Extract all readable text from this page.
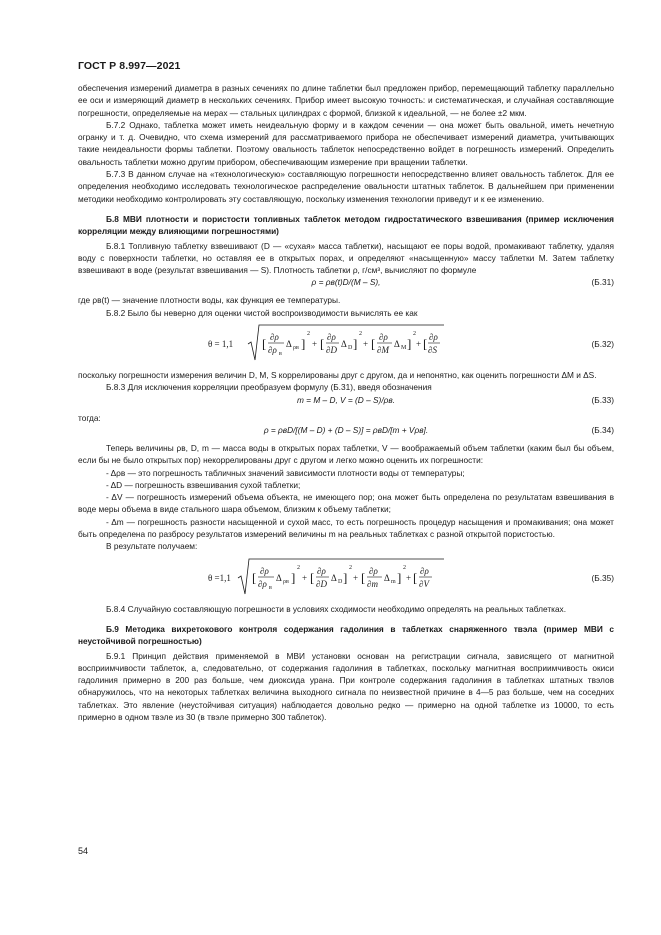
ГОСТ Р 8.997—2021

обеспечения измерений диаметра в разных сечениях по длине таблетки был предложен прибор, перемещающий таблетку параллельно ее оси и измеряющий диаметр в нескольких сечениях. Прибор имеет высокую точность: и систематическая, и случайная составляющие погрешности, определяемые на мерах — стальных цилиндрах с формой, близкой к идеальной, — не более ±2 мкм.

Б.7.2 Однако, таблетка может иметь неидеальную форму и в каждом сечении — она может быть овальной, иметь нечетную огранку и т. д. Очевидно, что схема измерений для рассматриваемого прибора не обеспечивает измерений диаметра, учитывающих такие неидеальности формы таблетки. Поэтому овальность таблеток непосредственно войдет в погрешность измерений. Определить овальность таблетки можно другим прибором, обеспечивающим измерение при вращении таблетки.

Б.7.3 В данном случае на «технологическую» составляющую погрешности непосредственно влияет овальность таблеток. Для ее определения необходимо исследовать технологическое распределение овальности штатных таблеток. В дальнейшем при применении методики необходимо контролировать эту составляющую, поскольку изменения технологии приведут и к ее изменению.

Б.8 МВИ плотности и пористости топливных таблеток методом гидростатического взвешивания (пример исключения корреляции между влияющими погрешностями)

Б.8.1 Топливную таблетку взвешивают (D — «сухая» масса таблетки), насыщают ее поры водой, промакивают таблетку, удаляя воду с поверхности таблетки, но оставляя ее в открытых порах, и определяют «насыщенную» массу таблетки M. Затем таблетку взвешивают в воде (результат взвешивания — S). Плотность таблетки ρ, г/см³, вычисляют по формуле

ρ = ρв(t)D/(M – S),	(Б.31)

где ρв(t) — значение плотности воды, как функция ее температуры.

Б.8.2 Было бы неверно для оценки чистой воспроизводимости вычислять ее как

θ = 1,1 [ ∂ρ
∂ρ в
Δ ρв ]
2
+ [ ∂ρ
∂D
Δ D ]
2
+ [ ∂ρ
∂M
Δ M ]
2
+ [ ∂ρ
∂S
(Б.32)

поскольку погрешности измерения величин D, M, S коррелированы друг с другом, да и непонятно, как оценить погрешности ΔM и ΔS.

Б.8.3 Для исключения корреляции преобразуем формулу (Б.31), введя обозначения

m = M – D, V = (D – S)/ρв.	(Б.33)

тогда:

ρ = ρвD/[(M – D) + (D – S)] = ρвD/[m + Vρв].	(Б.34)

Теперь величины ρв, D, m — масса воды в открытых порах таблетки, V — воображаемый объем таблетки (каким был бы объем, если бы не было открытых пор) некоррелированы друг с другом и легко можно оценить их погрешности:

- Δρв — это погрешность табличных значений зависимости плотности воды от температуры;

- ΔD — погрешность взвешивания сухой таблетки;

- ΔV — погрешность измерений объема объекта, не имеющего пор; она может быть определена по результатам взвешивания в воде меры объема в виде стального шара объемом, близким к объему таблетки;

- Δm — погрешность разности насыщенной и сухой масс, то есть погрешность процедур насыщения и промакивания; она может быть определена по разбросу результатов измерений величины m на реальных таблетках с разной открытой пористостью.

В результате получаем:

θ =1,1 [ ∂ρ
∂ρ в
Δ ρв ]
2
+ [ ∂ρ
∂D
Δ D ]
2
+ [ ∂ρ
∂m
Δ m ]
2
+ [ ∂ρ
∂V
(Б.35)

Б.8.4 Случайную составляющую погрешности в условиях сходимости необходимо определять на реальных таблетках.

Б.9 Методика вихретокового контроля содержания гадолиния в таблетках снаряженного твэла (пример МВИ с неустойчивой погрешностью)

Б.9.1 Принцип действия применяемой в МВИ установки основан на регистрации сигнала, зависящего от магнитной восприимчивости таблеток, а, следовательно, от содержания гадолиния в таблетках, поскольку магнитная восприимчивость окиси гадолиния примерно в 200 раз больше, чем диоксида урана. При контроле содержания гадолиния в таблетках штатных твэлов обнаружилось, что на некоторых таблетках величина выходного сигнала по неизвестной причине в 4—5 раз больше, чем на соседних таблетках. Это явление (неустойчивая ситуация) наблюдается довольно редко — примерно на одной таблетке из 10000, то есть примерно в одном твэле из 30 (в твэле примерно 300 таблеток).

54
